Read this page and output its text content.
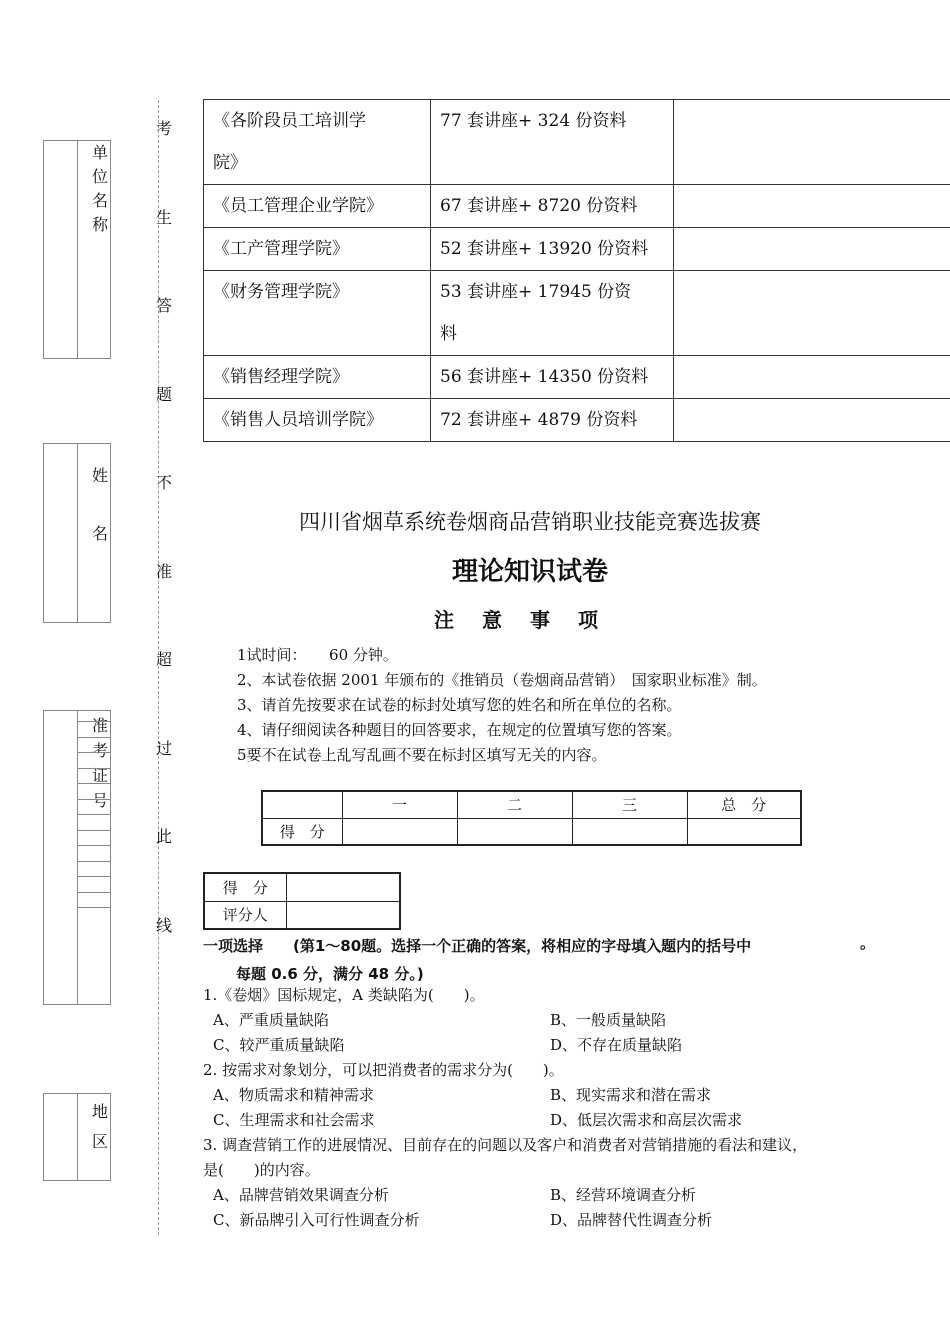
单
位
名
称
姓
名
准
考
证
号
地
区
考
生
答
题
不
准
超
过
此
线
《各阶段员工培训学
院》	77 套讲座+ 324 份资料	

《员工管理企业学院》	67 套讲座+ 8720 份资料	

《工产管理学院》	52 套讲座+ 13920 份资料	

《财务管理学院》	53 套讲座+ 17945 份资
料	

《销售经理学院》	56 套讲座+ 14350 份资料	

《销售人员培训学院》	72 套讲座+ 4879 份资料	

四川省烟草系统卷烟商品营销职业技能竞赛选拔赛
理论知识试卷
注意事项
1试时间：　　60 分钟。
2、本试卷依据 2001 年颁布的《推销员（卷烟商品营销）　国家职业标准》制。
3、请首先按要求在试卷的标封处填写您的姓名和所在单位的名称。
4、请仔细阅读各种题目的回答要求，在规定的位置填写您的答案。
5要不在试卷上乱写乱画不要在标封区填写无关的内容。
	一	二	三	总　分
得　分				
得　分	
评分人	
一项选择　　(第1～80题。选择一个正确的答案，将相应的字母填入题内的括号中
每题 0.6 分，满分 48 分。)
。
1.《卷烟》国标规定，A 类缺陷为(　　)。
A、严重质量缺陷	B、一般质量缺陷
C、较严重质量缺陷	D、不存在质量缺陷
2. 按需求对象划分，可以把消费者的需求分为(　　)。
A、物质需求和精神需求	B、现实需求和潜在需求
C、生理需求和社会需求	D、低层次需求和高层次需求
3. 调查营销工作的进展情况、目前存在的问题以及客户和消费者对营销措施的看法和建议，
是(　　)的内容。
A、品牌营销效果调查分析	B、经营环境调查分析
C、新品牌引入可行性调查分析	D、品牌替代性调查分析
